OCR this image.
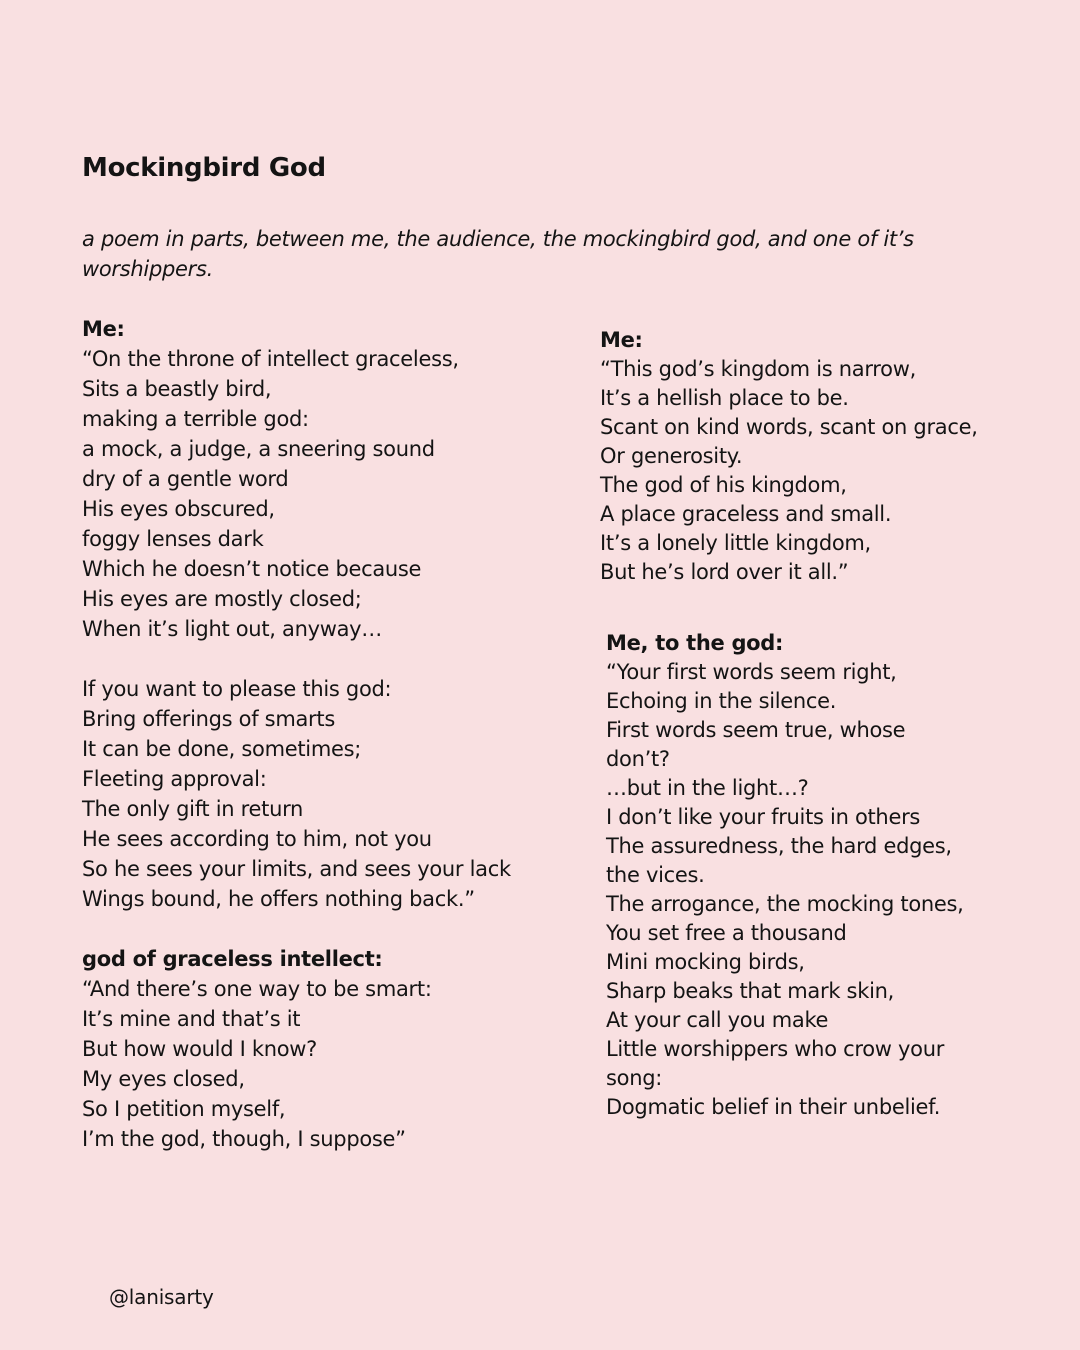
Mockingbird God

a poem in parts, between me, the audience, the mockingbird god, and one of it’s worshippers.

Me:
“On the throne of intellect graceless,
Sits a beastly bird,
making a terrible god:
a mock, a judge, a sneering sound
dry of a gentle word
His eyes obscured,
foggy lenses dark
Which he doesn’t notice because
His eyes are mostly closed;
When it’s light out, anyway…
If you want to please this god:
Bring offerings of smarts
It can be done, sometimes;
Fleeting approval:
The only gift in return
He sees according to him, not you
So he sees your limits, and sees your lack
Wings bound, he offers nothing back.”
god of graceless intellect:
“And there’s one way to be smart:
It’s mine and that’s it
But how would I know?
My eyes closed,
So I petition myself,
I’m the god, though, I suppose”
Me:
“This god’s kingdom is narrow,
It’s a hellish place to be.
Scant on kind words, scant on grace,
Or generosity.
The god of his kingdom,
A place graceless and small.
It’s a lonely little kingdom,
But he’s lord over it all.”
Me, to the god:
“Your first words seem right,
Echoing in the silence.
First words seem true, whose
don’t?
…but in the light…?
I don’t like your fruits in others
The assuredness, the hard edges,
the vices.
The arrogance, the mocking tones,
You set free a thousand
Mini mocking birds,
Sharp beaks that mark skin,
At your call you make
Little worshippers who crow your
song:
Dogmatic belief in their unbelief.

@lanisarty
